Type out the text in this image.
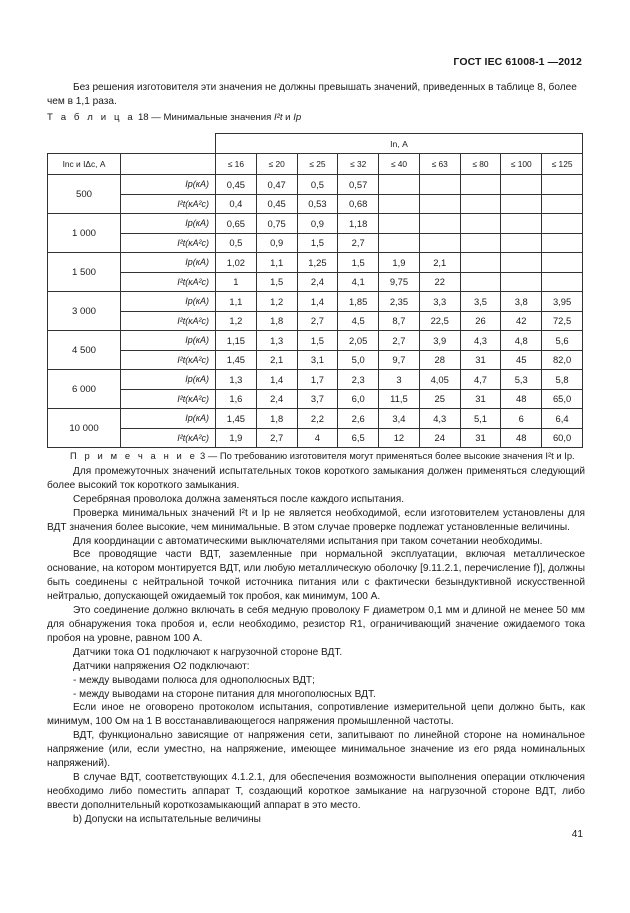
ГОСТ IEC 61008-1 —2012

Без решения изготовителя эти значения не должны превышать значений, приведенных в таблице 8, более чем в 1,1 раза.

Т а б л и ц а 18 — Минимальные значения I²t и Ip
		In, А								
Inc и IΔc, А		≤ 16	≤ 20	≤ 25	≤ 32	≤ 40	≤ 63	≤ 80	≤ 100	≤ 125
500	Ip(кА)	0,45	0,47	0,5	0,57					
	I²t(кА²с)	0,4	0,45	0,53	0,68					
1 000	Ip(кА)	0,65	0,75	0,9	1,18					
	I²t(кА²с)	0,5	0,9	1,5	2,7					
1 500	Ip(кА)	1,02	1,1	1,25	1,5	1,9	2,1			
	I²t(кА²с)	1	1,5	2,4	4,1	9,75	22			
3 000	Ip(кА)	1,1	1,2	1,4	1,85	2,35	3,3	3,5	3,8	3,95
	I²t(кА²с)	1,2	1,8	2,7	4,5	8,7	22,5	26	42	72,5
4 500	Ip(кА)	1,15	1,3	1,5	2,05	2,7	3,9	4,3	4,8	5,6
	I²t(кА²с)	1,45	2,1	3,1	5,0	9,7	28	31	45	82,0
6 000	Ip(кА)	1,3	1,4	1,7	2,3	3	4,05	4,7	5,3	5,8
	I²t(кА²с)	1,6	2,4	3,7	6,0	11,5	25	31	48	65,0
10 000	Ip(кА)	1,45	1,8	2,2	2,6	3,4	4,3	5,1	6	6,4
	I²t(кА²с)	1,9	2,7	4	6,5	12	24	31	48	60,0
П р и м е ч а н и е 3 — По требованию изготовителя могут применяться более высокие значения I²t и Ip.

Для промежуточных значений испытательных токов короткого замыкания должен применяться следующий более высокий ток короткого замыкания.

Серебряная проволока должна заменяться после каждого испытания.

Проверка минимальных значений I²t и Ip не является необходимой, если изготовителем установлены для ВДТ значения более высокие, чем минимальные. В этом случае проверке подлежат установленные величины.

Для координации с автоматическими выключателями испытания при таком сочетании необходимы.

Все проводящие части ВДТ, заземленные при нормальной эксплуатации, включая металлическое основание, на котором монтируется ВДТ, или любую металлическую оболочку [9.11.2.1, перечисление f)], должны быть соединены с нейтральной точкой источника питания или с фактически безындуктивной искусственной нейтралью, допускающей ожидаемый ток пробоя, как минимум, 100 А.

Это соединение должно включать в себя медную проволоку F диаметром 0,1 мм и длиной не менее 50 мм для обнаружения тока пробоя и, если необходимо, резистор R1, ограничивающий значение ожидаемого тока пробоя на уровне, равном 100 А.

Датчики тока O1 подключают к нагрузочной стороне ВДТ.

Датчики напряжения O2 подключают:

- между выводами полюса для однополюсных ВДТ;

- между выводами на стороне питания для многополюсных ВДТ.

Если иное не оговорено протоколом испытания, сопротивление измерительной цепи должно быть, как минимум, 100 Ом на 1 В восстанавливающегося напряжения промышленной частоты.

ВДТ, функционально зависящие от напряжения сети, запитывают по линейной стороне на номинальное напряжение (или, если уместно, на напряжение, имеющее минимальное значение из его ряда номинальных напряжений).

В случае ВДТ, соответствующих 4.1.2.1, для обеспечения возможности выполнения операции отключения необходимо либо поместить аппарат T, создающий короткое замыкание на нагрузочной стороне ВДТ, либо ввести дополнительный короткозамыкающий аппарат в это место.

b) Допуски на испытательные величины

41
